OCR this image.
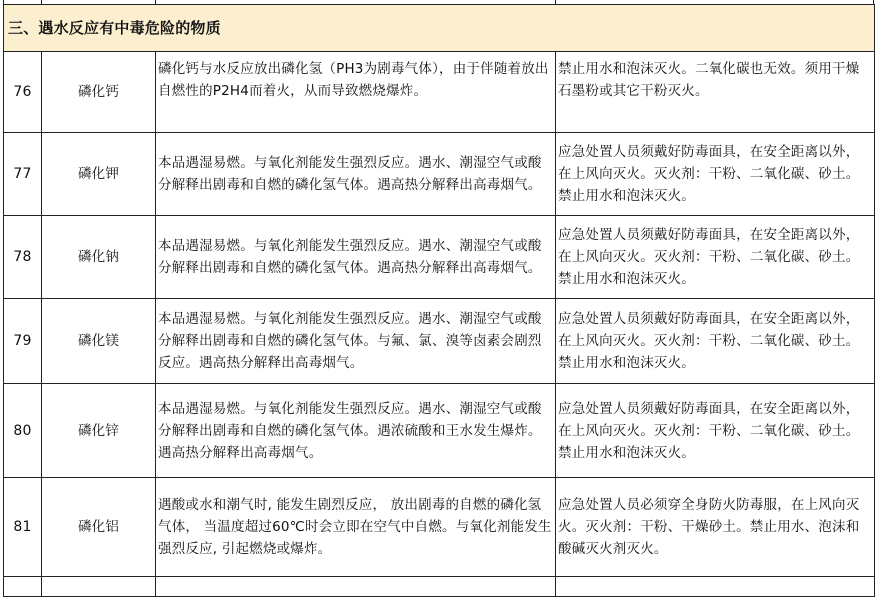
三、遇水反应有中毒危险的物质			
76	磷化钙	磷化钙与水反应放出磷化氢（PH3为剧毒气体），由于伴随着放出自燃性的P2H4而着火，从而导致燃烧爆炸。	禁止用水和泡沫灭火。二氧化碳也无效。须用干燥石墨粉或其它干粉灭火。
77	磷化钾	本品遇湿易燃。与氧化剂能发生强烈反应。遇水、潮湿空气或酸分解释出剧毒和自燃的磷化氢气体。遇高热分解释出高毒烟气。	应急处置人员须戴好防毒面具，在安全距离以外，在上风向灭火。灭火剂：干粉、二氧化碳、砂土。禁止用水和泡沫灭火。
78	磷化钠	本品遇湿易燃。与氧化剂能发生强烈反应。遇水、潮湿空气或酸分解释出剧毒和自燃的磷化氢气体。遇高热分解释出高毒烟气。	应急处置人员须戴好防毒面具，在安全距离以外，在上风向灭火。灭火剂：干粉、二氧化碳、砂土。禁止用水和泡沫灭火。
79	磷化镁	本品遇湿易燃。与氧化剂能发生强烈反应。遇水、潮湿空气或酸分解释出剧毒和自燃的磷化氢气体。与氟、氯、溴等卤素会剧烈反应。遇高热分解释出高毒烟气。	应急处置人员须戴好防毒面具，在安全距离以外，在上风向灭火。灭火剂：干粉、二氧化碳、砂土。禁止用水和泡沫灭火。
80	磷化锌	本品遇湿易燃。与氧化剂能发生强烈反应。遇水、潮湿空气或酸分解释出剧毒和自燃的磷化氢气体。遇浓硫酸和王水发生爆炸。遇高热分解释出高毒烟气。	应急处置人员须戴好防毒面具，在安全距离以外，在上风向灭火。灭火剂：干粉、二氧化碳、砂土。禁止用水和泡沫灭火。
81	磷化铝	遇酸或水和潮气时, 能发生剧烈反应， 放出剧毒的自燃的磷化氢气体， 当温度超过60℃时会立即在空气中自燃。与氧化剂能发生强烈反应, 引起燃烧或爆炸。	应急处置人员必须穿全身防火防毒服，在上风向灭火。灭火剂：干粉、干燥砂土。禁止用水、泡沫和酸碱灭火剂灭火。
